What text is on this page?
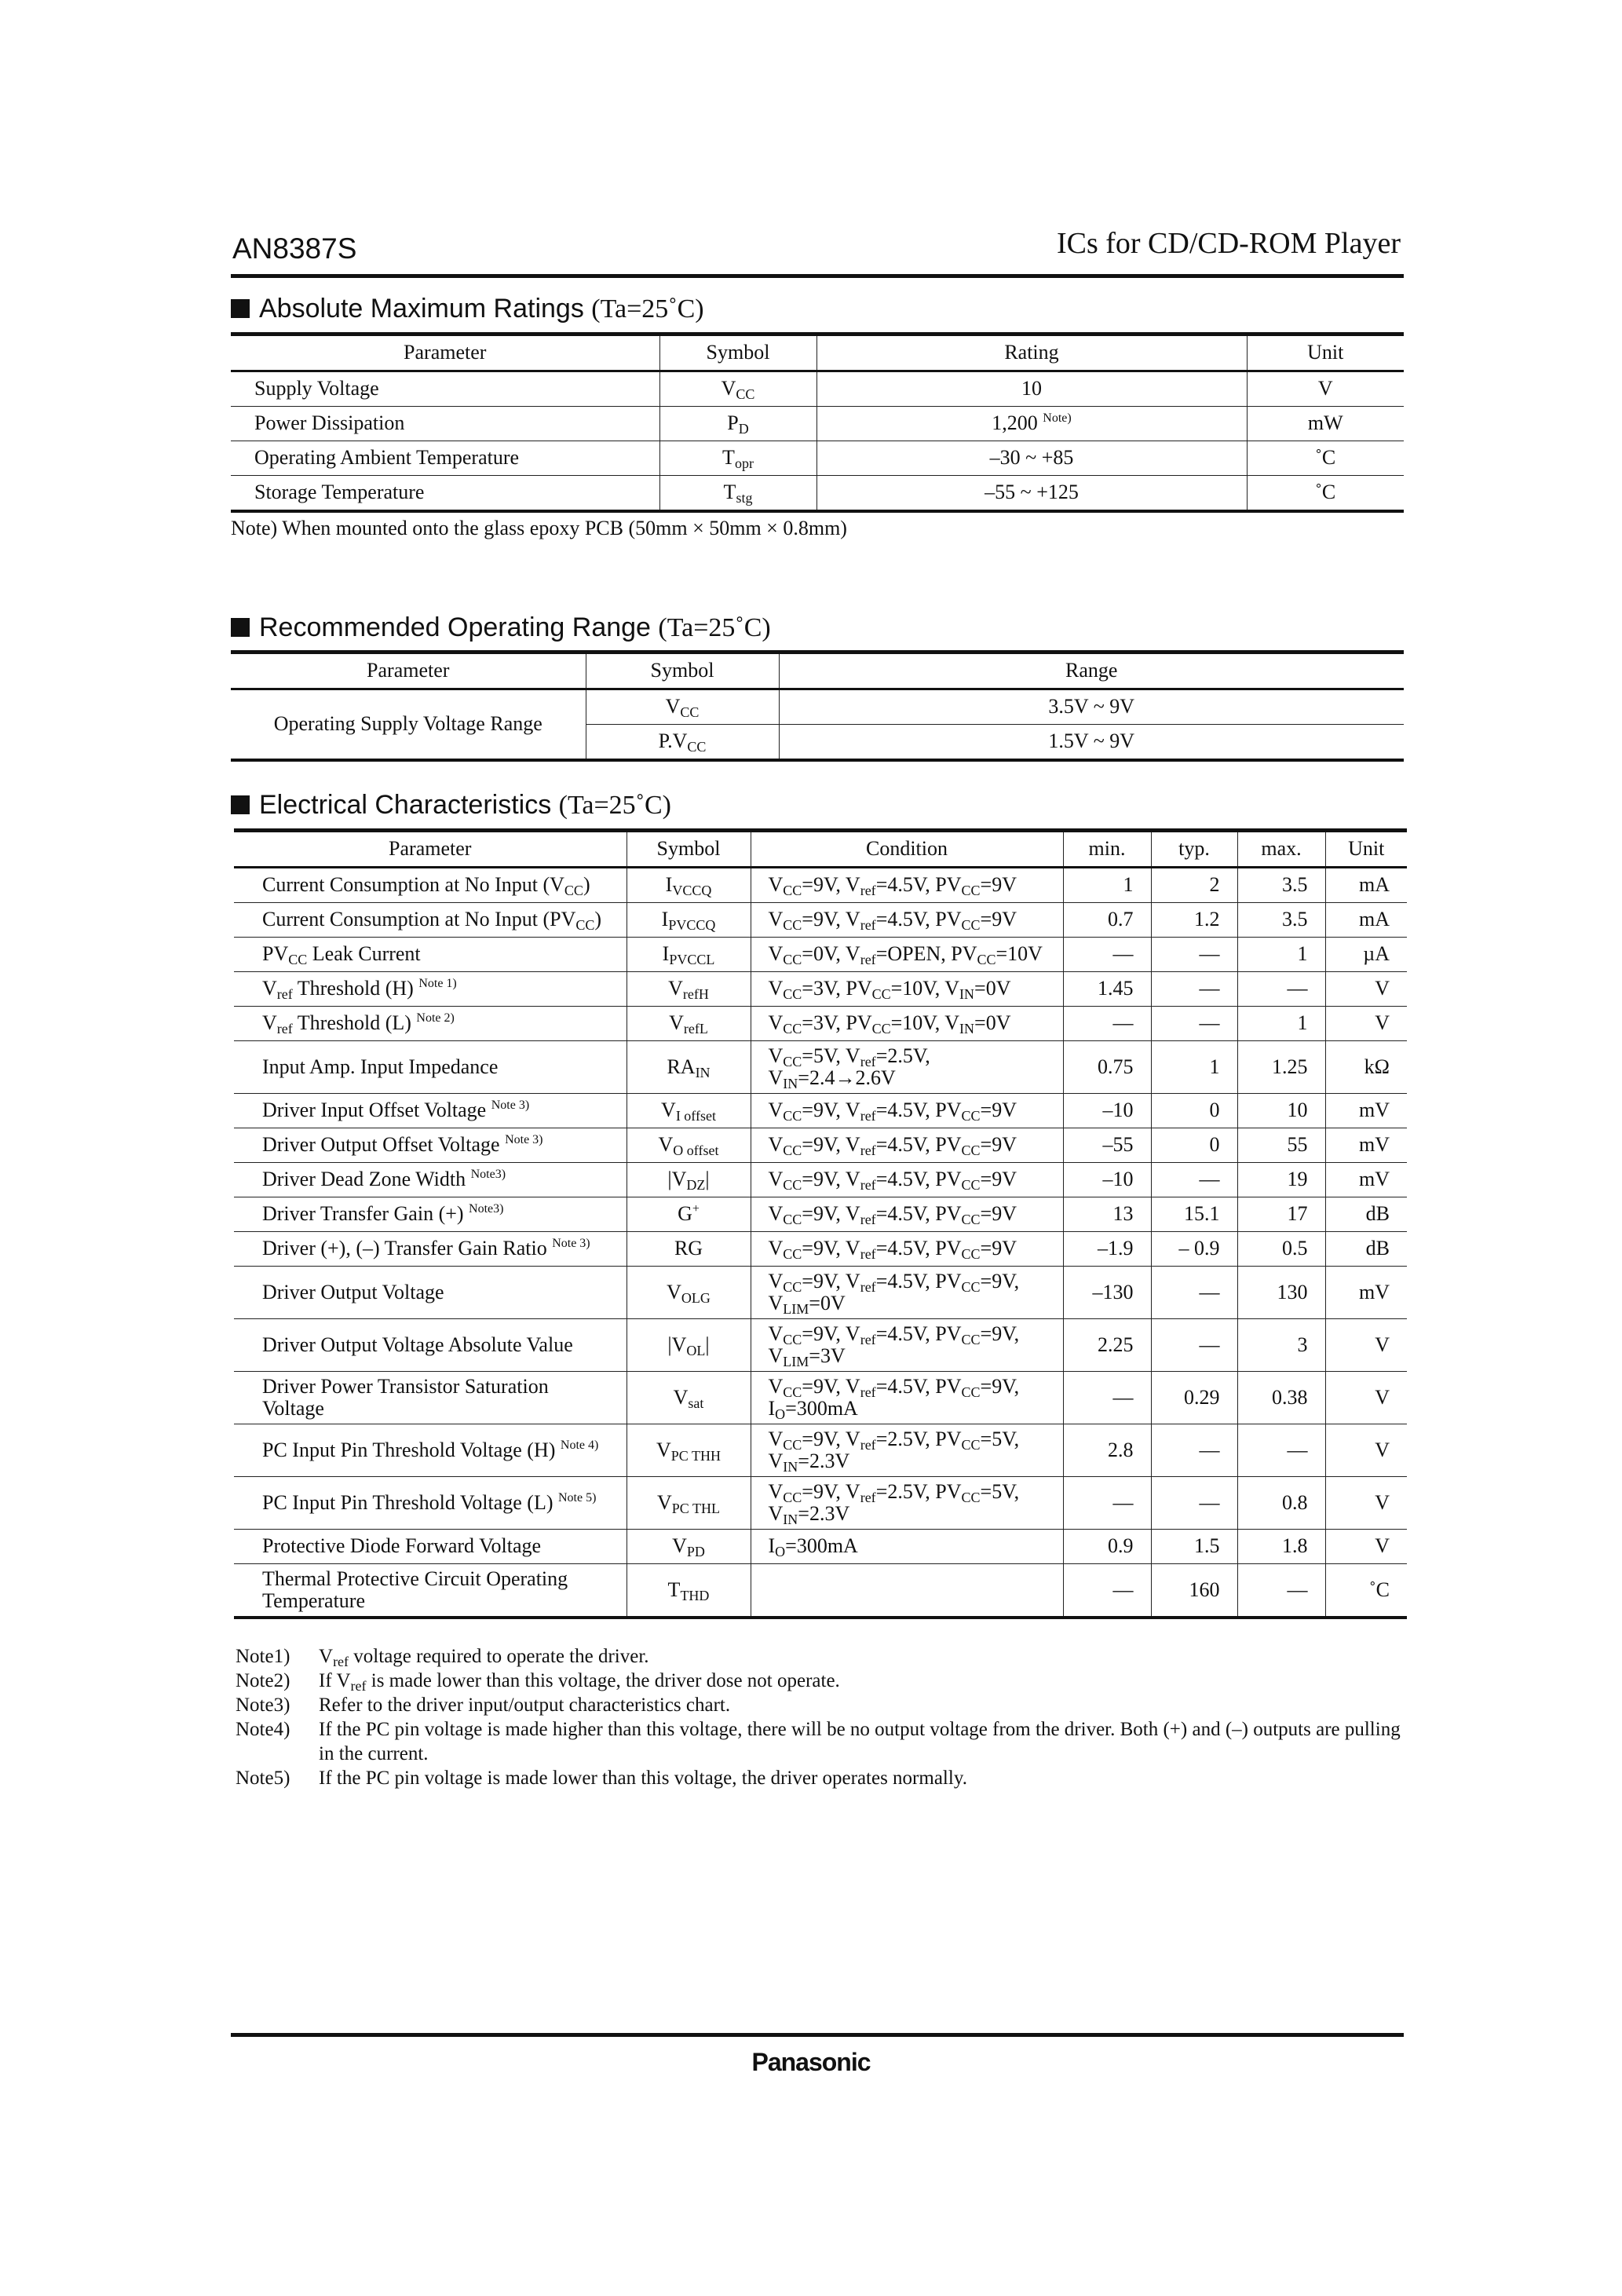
AN8387S	ICs for CD/CD-ROM Player
Absolute Maximum Ratings (Ta=25˚C)
Parameter	Symbol	Rating	Unit
Supply Voltage	$V_{CC}$	10	V
Power Dissipation	$P_D$	1,200 $^{Note)}$	mW
Operating Ambient Temperature	$T_{opr}$	–30 ~ +85	˚C
Storage Temperature	$T_{stg}$	–55 ~ +125	˚C
Note) When mounted onto the glass epoxy PCB (50mm × 50mm × 0.8mm)
Recommended Operating Range (Ta=25˚C)
Parameter	Symbol	Range
Operating Supply Voltage Range	$V_{CC}$	3.5V ~ 9V
	$P.V_{CC}$	1.5V ~ 9V
Electrical Characteristics (Ta=25˚C)
Parameter	Symbol	Condition	min.	typ.	max.	Unit
Current Consumption at No Input $(V_{CC})$	$I_{VCCQ}$	$V_{CC}=9V$, $V_{ref}=4.5V$, $PV_{CC}=9V$	1	2	3.5	mA
Current Consumption at No Input $(PV_{CC})$	$I_{PVCCQ}$	$V_{CC}=9V$, $V_{ref}=4.5V$, $PV_{CC}=9V$	0.7	1.2	3.5	mA
$PV_{CC}$ Leak Current	$I_{PVCCL}$	$V_{CC}=0V$, $V_{ref}=OPEN$, $PV_{CC}=10V$	—	—	1	µA
$V_{ref}$ Threshold (H) $^{Note 1)}$	$V_{refH}$	$V_{CC}=3V$, $PV_{CC}=10V$, $V_{IN}=0V$	1.45	—	—	V
$V_{ref}$ Threshold (L) $^{Note 2)}$	$V_{refL}$	$V_{CC}=3V$, $PV_{CC}=10V$, $V_{IN}=0V$	—	—	1	V
Input Amp. Input Impedance	$RA_{IN}$	$V_{CC}=5V$, $V_{ref}=2.5V$,
$V_{IN}=2.4\to 2.6V$	0.75	1	1.25	kΩ
Driver Input Offset Voltage $^{Note 3)}$	$V_{I offset}$	$V_{CC}=9V$, $V_{ref}=4.5V$, $PV_{CC}=9V$	–10	0	10	mV
Driver Output Offset Voltage $^{Note 3)}$	$V_{O offset}$	$V_{CC}=9V$, $V_{ref}=4.5V$, $PV_{CC}=9V$	–55	0	55	mV
Driver Dead Zone Width $^{Note3)}$	$|V_{DZ}|$	$V_{CC}=9V$, $V_{ref}=4.5V$, $PV_{CC}=9V$	–10	—	19	mV
Driver Transfer Gain (+) $^{Note3)}$	G+	$V_{CC}=9V$, $V_{ref}=4.5V$, $PV_{CC}=9V$	13	15.1	17	dB
Driver (+), (–) Transfer Gain Ratio $^{Note 3)}$	RG	$V_{CC}=9V$, $V_{ref}=4.5V$, $PV_{CC}=9V$	–1.9	– 0.9	0.5	dB
Driver Output Voltage	$V_{OLG}$	$V_{CC}=9V$, $V_{ref}=4.5V$, $PV_{CC}=9V$,
$V_{LIM}=0V$	–130	—	130	mV
Driver Output Voltage Absolute Value	$|V_{OL}|$	$V_{CC}=9V$, $V_{ref}=4.5V$, $PV_{CC}=9V$,
$V_{LIM}=3V$	2.25	—	3	V
Driver Power Transistor Saturation
Voltage	$V_{sat}$	$V_{CC}=9V$, $V_{ref}=4.5V$, $PV_{CC}=9V$,
$I_O=300mA$	—	0.29	0.38	V
PC Input Pin Threshold Voltage (H) $^{Note 4)}$	$V_{PC THH}$	$V_{CC}=9V$, $V_{ref}=2.5V$, $PV_{CC}=5V$,
$V_{IN}=2.3V$	2.8	—	—	V
PC Input Pin Threshold Voltage (L) $^{Note 5)}$	$V_{PC THL}$	$V_{CC}=9V$, $V_{ref}=2.5V$, $PV_{CC}=5V$,
$V_{IN}=2.3V$	—	—	0.8	V
Protective Diode Forward Voltage	$V_{PD}$	$I_O=300mA$	0.9	1.5	1.8	V
Thermal Protective Circuit Operating
Temperature	$T_{THD}$		—	160	—	˚C
Note1)	$V_{ref}$ voltage required to operate the driver.
Note2)	If $V_{ref}$ is made lower than this voltage, the driver dose not operate.
Note3)	Refer to the driver input/output characteristics chart.
Note4)	If the PC pin voltage is made higher than this voltage, there will be no output voltage from the driver. Both (+) and (–) outputs are pulling in the current.
Note5)	If the PC pin voltage is made lower than this voltage, the driver operates normally.
Panasonic
